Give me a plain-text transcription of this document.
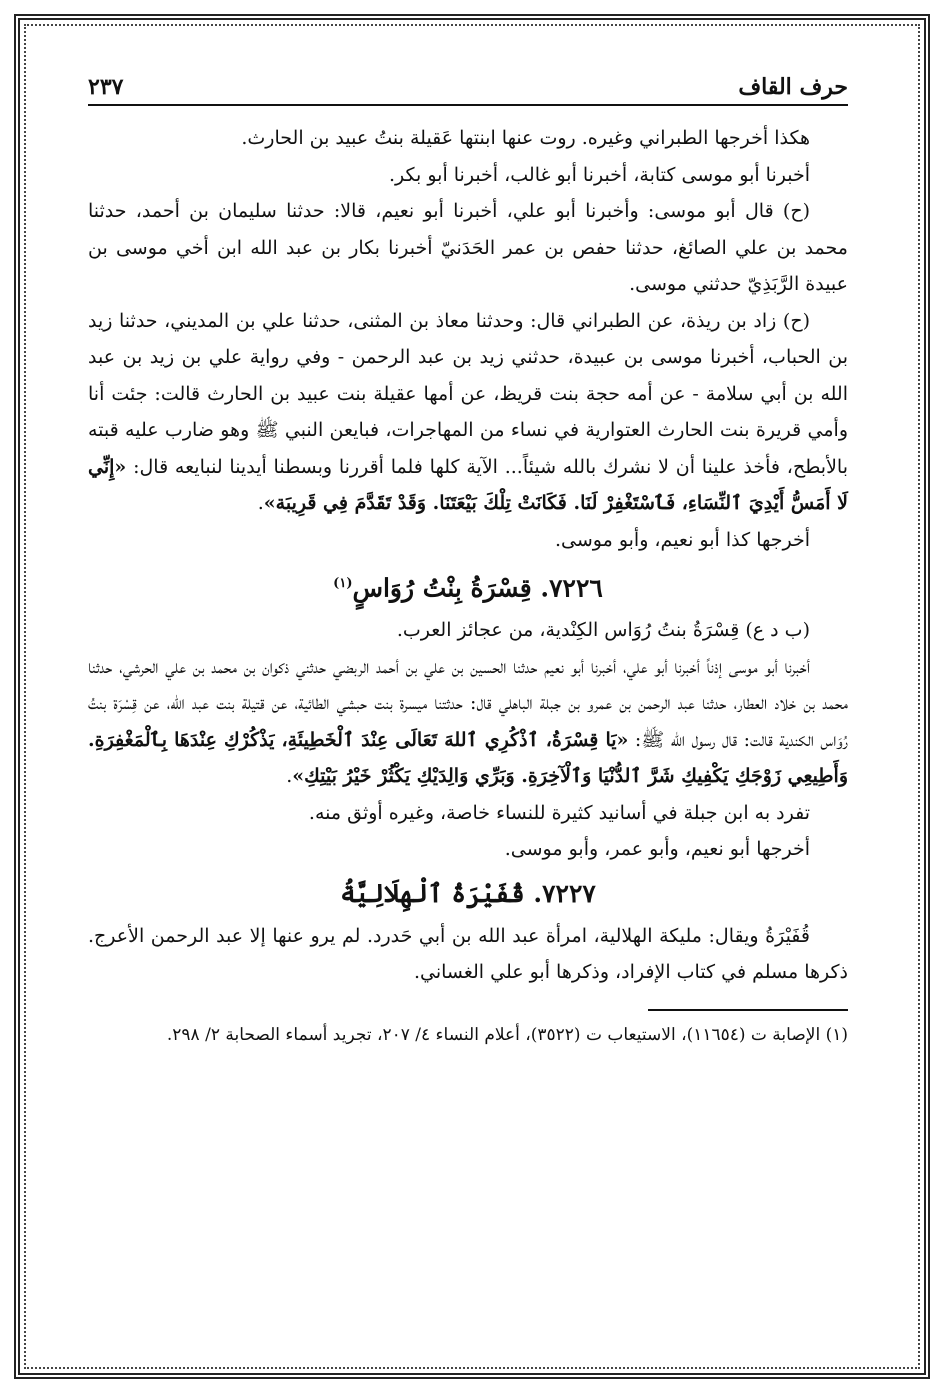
حرف القاف
٢٣٧

هكذا أخرجها الطبراني وغيره. روت عنها ابنتها عَقيلة بنتُ عبيد بن الحارث.

أخبرنا أبو موسى كتابة، أخبرنا أبو غالب، أخبرنا أبو بكر.

(ح) قال أبو موسى: وأخبرنا أبو علي، أخبرنا أبو نعيم، قالا: حدثنا سليمان بن أحمد، حدثنا محمد بن علي الصائغ، حدثنا حفص بن عمر الحَدَنيّ أخبرنا بكار بن عبد الله ابن أخي موسى بن عبيدة الرَّبَذِيّ حدثني موسى.

(ح) زاد بن ريذة، عن الطبراني قال: وحدثنا معاذ بن المثنى، حدثنا علي بن المديني، حدثنا زيد بن الحباب، أخبرنا موسى بن عبيدة، حدثني زيد بن عبد الرحمن - وفي رواية علي بن زيد بن عبد الله بن أبي سلامة - عن أمه حجة بنت قريظ، عن أمها عقيلة بنت عبيد بن الحارث قالت: جئت أنا وأمي قريرة بنت الحارث العتوارية في نساء من المهاجرات، فبايعن النبي ﷺ وهو ضارب عليه قبته بالأبطح، فأخذ علينا أن لا نشرك بالله شيئاً... الآية كلها فلما أقررنا وبسطنا أيدينا لنبايعه قال: «إِنِّي لَا أَمَسُّ أَيْدِيَ ٱلنِّسَاءِ، فَٱسْتَغْفِرْ لَنَا. فَكَانَتْ تِلْكَ بَيْعَتَنَا. وَقَدْ تَقَدَّمَ فِي قَرِيبَة».

أخرجها كذا أبو نعيم، وأبو موسى.

٧٢٢٦. قِسْرَةُ بِنْتُ رُوَاسٍ$^{(١)}$

(ب د ع) قِسْرَةُ بنتُ رُوَاس الكِنْدية، من عجائز العرب.

أخبرنا أبو موسى إذناً أخبرنا أبو علي، أخبرنا أبو نعيم حدثنا الحسين بن علي بن أحمد الربضي حدثني ذكوان بن محمد بن علي الحرشي، حدثنا محمد بن خلاد العطار، حدثنا عبد الرحمن بن عمرو بن جبلة الباهلي قال: حدثتنا ميسرة بنت حبشي الطائية، عن قتيلة بنت عبد الله، عن قِسْرَة بنتُ رُوَاس الكندية قالت: قال رسول الله ﷺ: «يَا قِسْرَةُ، ٱذْكُرِي ٱللهَ تَعَالَى عِنْدَ ٱلْخَطِيئَةِ، يَذْكُرْكِ عِنْدَهَا بِٱلْمَغْفِرَةِ. وَأَطِيعِي زَوْجَكِ يَكْفِيكِ شَرَّ ٱلدُّنْيَا وَٱلْآخِرَةِ. وَبَرِّي وَالِدَيْكِ يَكْثُرْ خَيْرُ بَيْتِكِ».

تفرد به ابن جبلة في أسانيد كثيرة للنساء خاصة، وغيره أوثق منه.

أخرجها أبو نعيم، وأبو عمر، وأبو موسى.

٧٢٢٧. قُفَيْرَةُ ٱلْهِلَالِيَّةُ

قُفَيْرَةُ ويقال: مليكة الهلالية، امرأة عبد الله بن أبي حَدرد. لم يرو عنها إلا عبد الرحمن الأعرج. ذكرها مسلم في كتاب الإفراد، وذكرها أبو علي الغساني.

(١) الإصابة ت (١١٦٥٤)، الاستيعاب ت (٣٥٢٢)، أعلام النساء ٤/ ٢٠٧، تجريد أسماء الصحابة ٢/ ٢٩٨.
